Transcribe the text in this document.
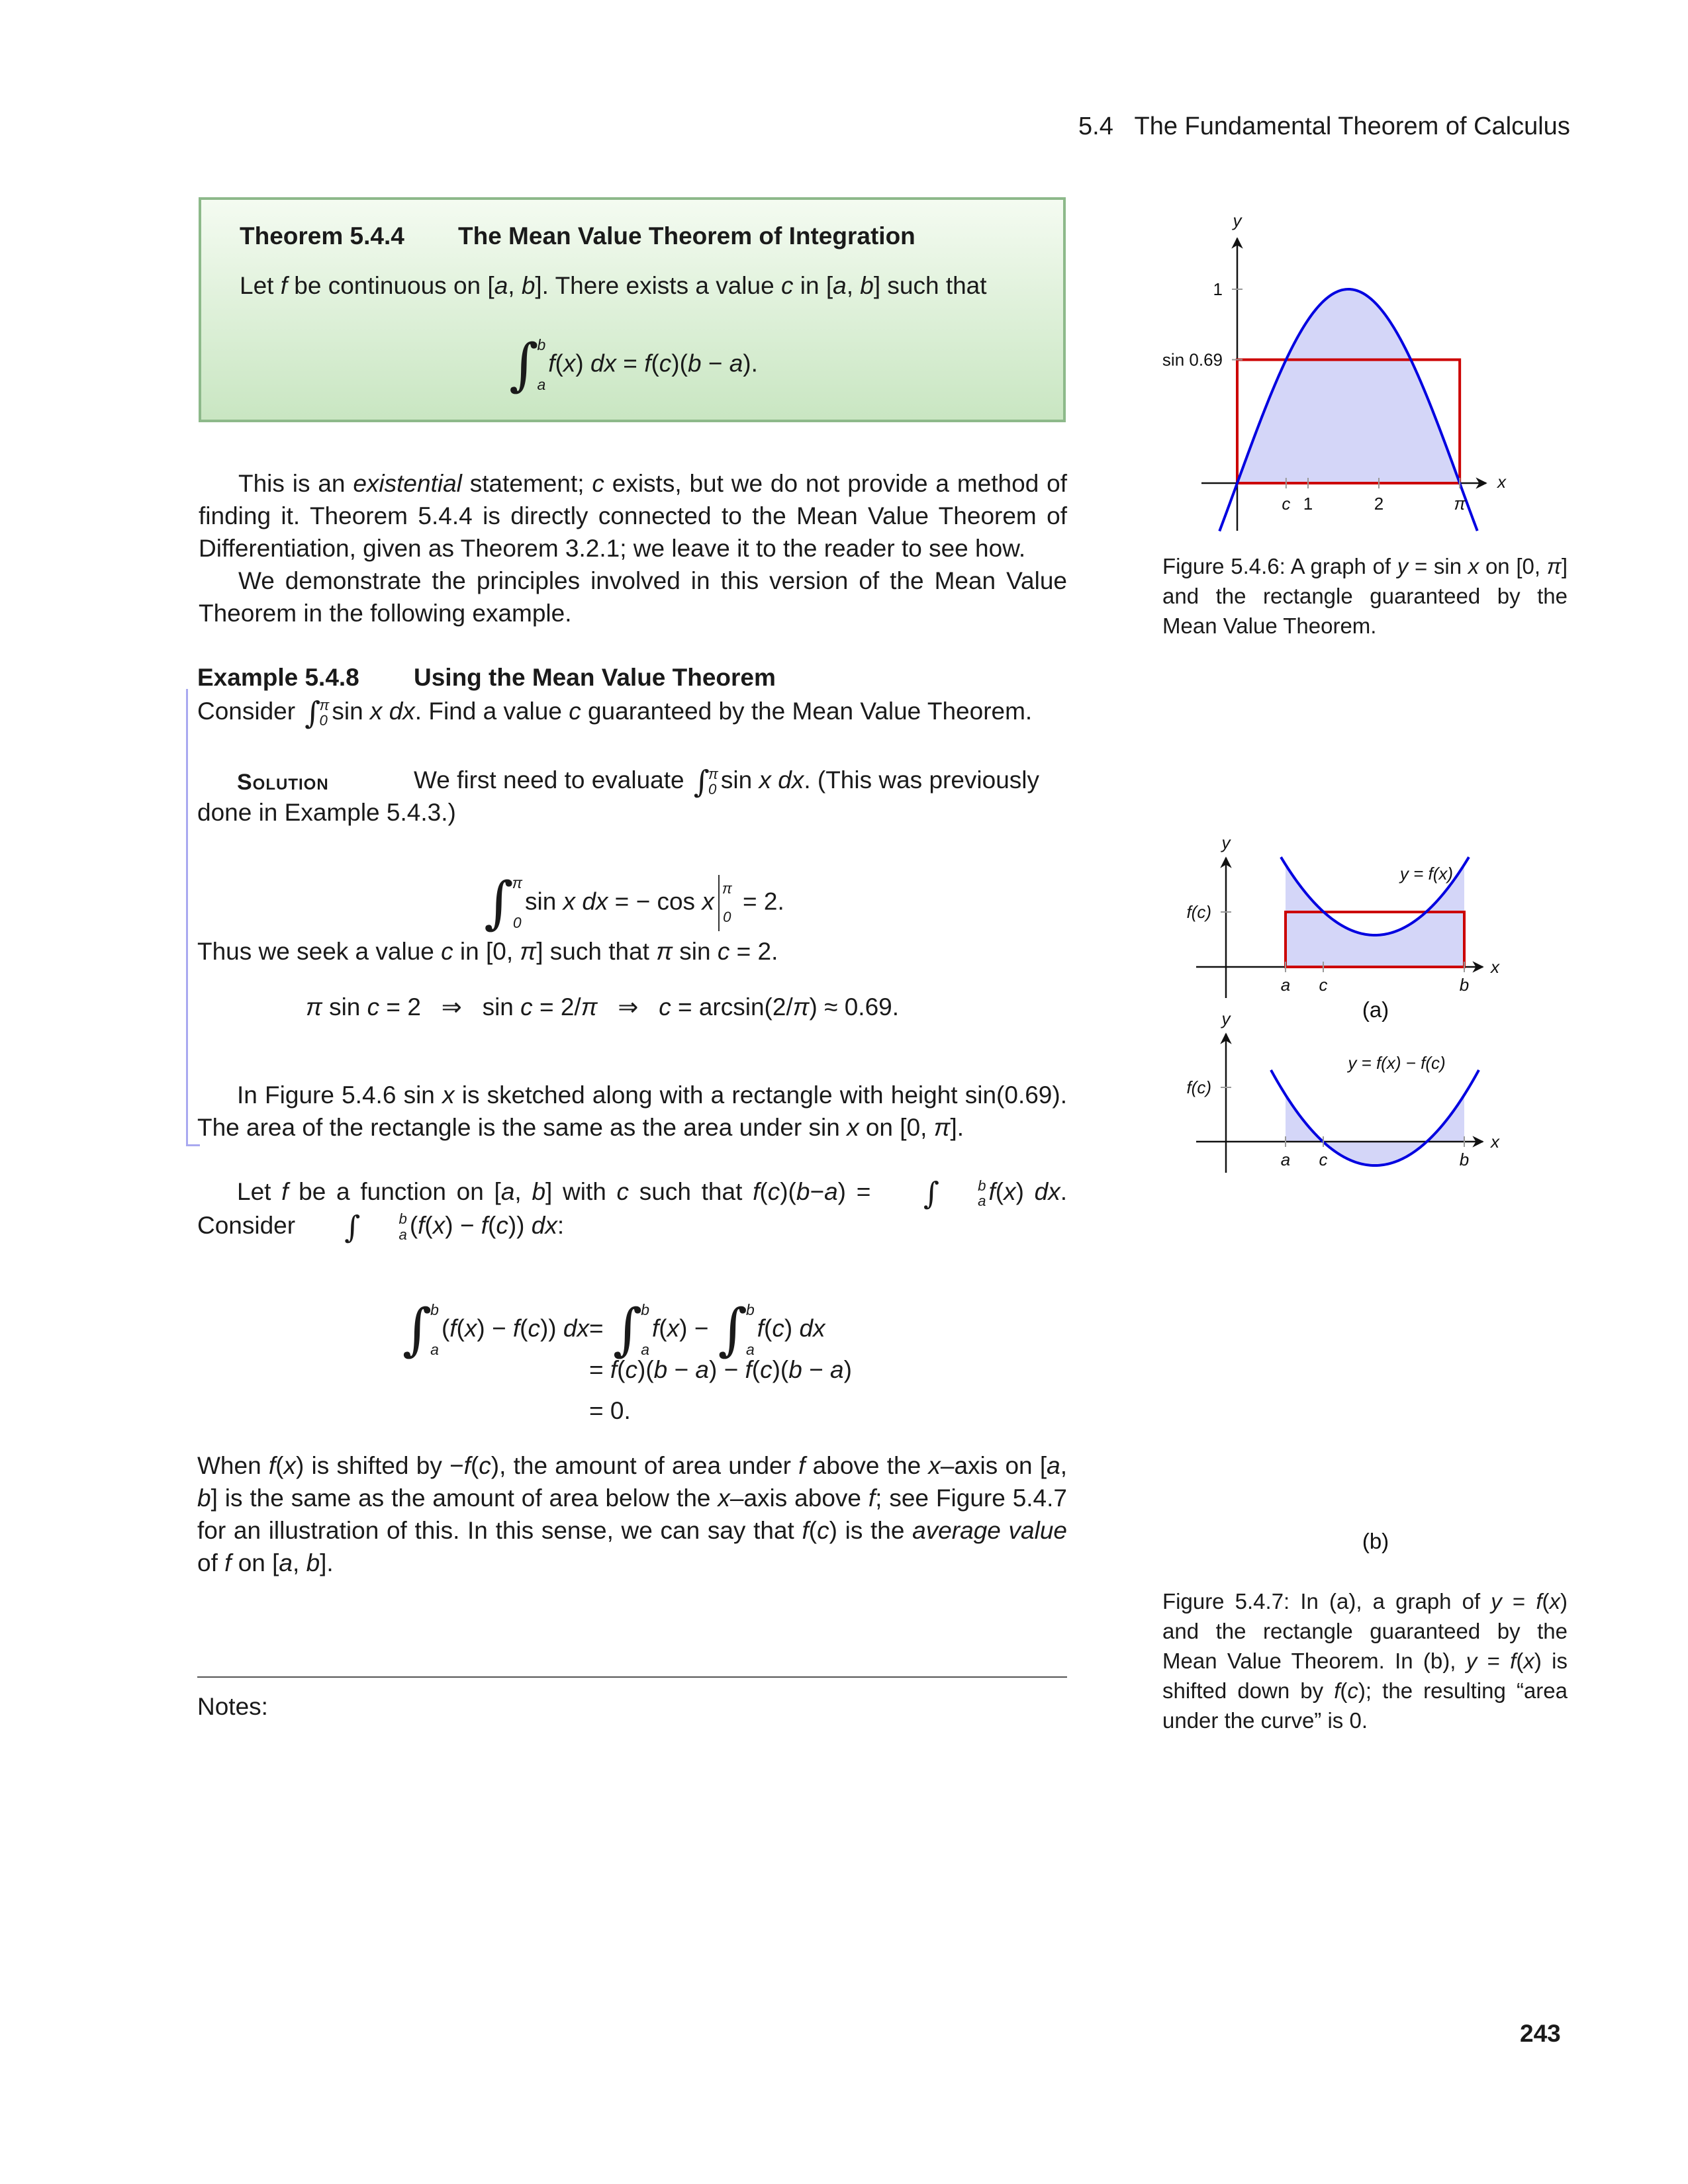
5.4 The Fundamental Theorem of Calculus
Theorem 5.4.4 The Mean Value Theorem of Integration
Let f be continuous on [a, b]. There exists a value c in [a, b] such that
∫
b
a
f(x) dx = f(c)(b − a).
This is an existential statement; c exists, but we do not provide a method of finding it. Theorem 5.4.4 is directly connected to the Mean Value Theorem of Differentiation, given as Theorem 3.2.1; we leave it to the reader to see how.
We demonstrate the principles involved in this version of the Mean Value Theorem in the following example.
Example 5.4.8 Using the Mean Value Theorem
Consider ∫
π
0 sin x dx. Find a value c guaranteed by the Mean Value Theorem.
Solution	We first need to evaluate ∫
π
0 sin x dx. (This was previously
done in Example 5.4.3.)
∫
π
0
sin x dx = − cos x π
0
= 2.
Thus we seek a value c in [0, π] such that π sin c = 2.
π sin c = 2   ⇒   sin c = 2/π   ⇒   c = arcsin(2/π) ≈ 0.69.
In Figure 5.4.6 sin x is sketched along with a rectangle with height sin(0.69). The area of the rectangle is the same as the area under sin x on [0, π].
Let f be a function on [a, b] with c such that f(c)(b−a) =	∫	b
a f(x) dx. Consider	∫	b
a (f(x) − f(c)) dx:
∫
b
a
(f(x) − f(c)) dx = ∫
b
a
f(x) − ∫
b
a
f(c) dx
= f(c)(b − a) − f(c)(b − a)
= 0.
When f(x) is shifted by −f(c), the amount of area under f above the x–axis on [a, b] is the same as the amount of area below the x–axis above f; see Figure 5.4.7 for an illustration of this. In this sense, we can say that f(c) is the average value of f on [a, b].
Notes:
243
Figure 5.4.6: A graph of y = sin x on [0, π] and the rectangle guaranteed by the Mean Value Theorem.
Figure 5.4.7: In (a), a graph of y = f(x) and the rectangle guaranteed by the Mean Value Theorem. In (b), y = f(x) is shifted down by f(c); the resulting “area under the curve” is 0.
c 1	2	π
1
sin 0.69
y
x
a c	b
f(c)
y
x
y = f(x)
(a)
a c	b
f(c)
y
x
y = f(x) − f(c)
(b)
